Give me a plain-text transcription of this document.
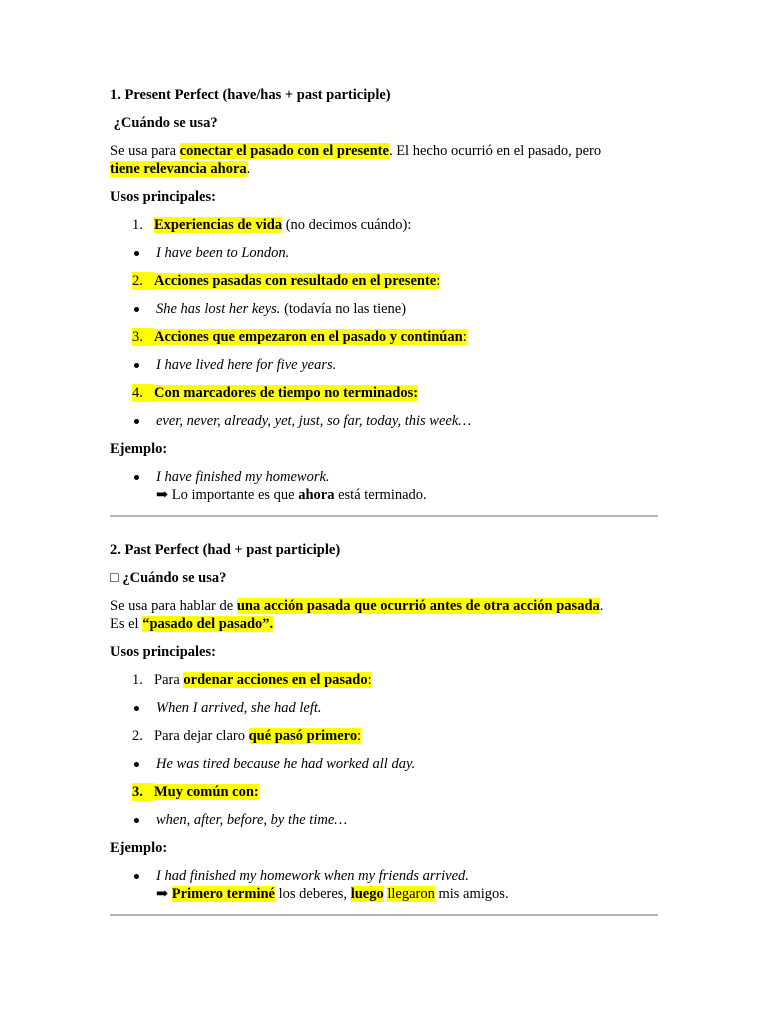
1. Present Perfect (have/has + past participle)

¿Cuándo se usa?

Se usa para conectar el pasado con el presente. El hecho ocurrió en el pasado, pero
tiene relevancia ahora.

Usos principales:

1. Experiencias de vida (no decimos cuándo):
I have been to London.
2. Acciones pasadas con resultado en el presente:
She has lost her keys. (todavía no las tiene)
3. Acciones que empezaron en el pasado y continúan:
I have lived here for five years.
4. Con marcadores de tiempo no terminados:
ever, never, already, yet, just, so far, today, this week…

Ejemplo:

I have finished my homework.
➡ Lo importante es que ahora está terminado.

2. Past Perfect (had + past participle)

□ ¿Cuándo se usa?

Se usa para hablar de una acción pasada que ocurrió antes de otra acción pasada.
Es el “pasado del pasado”.

Usos principales:

1. Para ordenar acciones en el pasado:
When I arrived, she had left.
2. Para dejar claro qué pasó primero:
He was tired because he had worked all day.
3. Muy común con:
when, after, before, by the time…

Ejemplo:

I had finished my homework when my friends arrived.
➡ Primero terminé los deberes, luego llegaron mis amigos.
